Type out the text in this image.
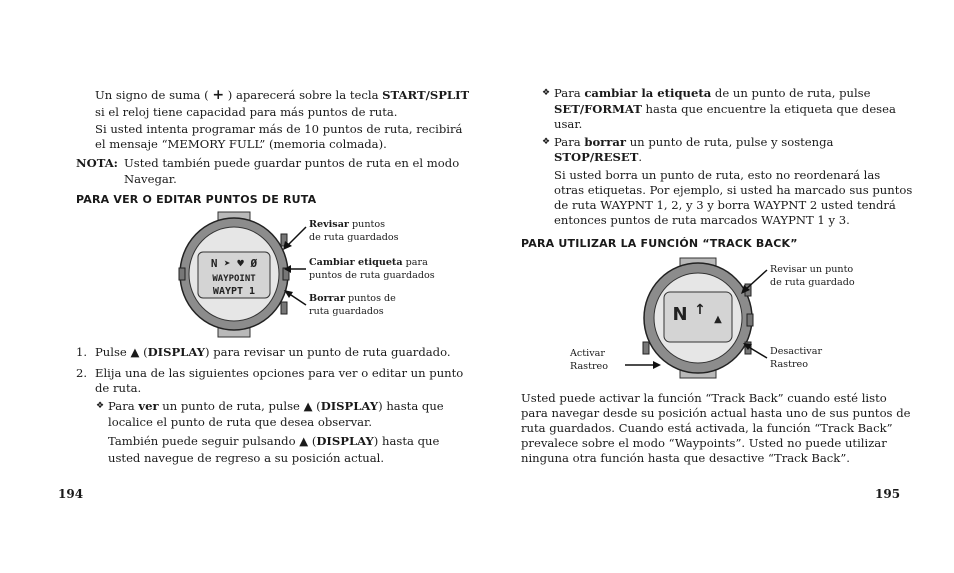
Un signo de suma ( + ) aparecerá sobre la tecla START/SPLIT
si el reloj tiene capacidad para más puntos de ruta.
Si usted intenta programar más de 10 puntos de ruta, recibirá
el mensaje “MEMORY FULL” (memoria colmada).
NOTA: Usted también puede guardar puntos de ruta en el modo
Navegar.
PARA VER O EDITAR PUNTOS DE RUTA
N ➤ ♥ Ø
WAYPOINT
WAYPT 1
Revisar puntos
de ruta guardados
Cambiar etiqueta para
puntos de ruta guardados
Borrar puntos de
ruta guardados
1. Pulse ▲ (DISPLAY) para revisar un punto de ruta guardado.
2. Elija una de las siguientes opciones para ver o editar un punto
de ruta.
❖ Para ver un punto de ruta, pulse ▲ (DISPLAY) hasta que
localice el punto de ruta que desea observar.
También puede seguir pulsando ▲ (DISPLAY) hasta que
usted navegue de regreso a su posición actual.
194
❖ Para cambiar la etiqueta de un punto de ruta, pulse
SET/FORMAT hasta que encuentre la etiqueta que desea
usar.
❖ Para borrar un punto de ruta, pulse y sostenga
STOP/RESET.
Si usted borra un punto de ruta, esto no reordenará las
otras etiquetas. Por ejemplo, si usted ha marcado sus puntos
de ruta WAYPNT 1, 2, y 3 y borra WAYPNT 2 usted tendrá
entonces puntos de ruta marcados WAYPNT 1 y 3.
PARA UTILIZAR LA FUNCIÓN “TRACK BACK”
N ↑
▲
Revisar un punto
de ruta guardado
Desactivar
Rastreo
Activar
Rastreo
Usted puede activar la función “Track Back” cuando esté listo
para navegar desde su posición actual hasta uno de sus puntos de
ruta guardados. Cuando está activada, la función “Track Back”
prevalece sobre el modo “Waypoints”. Usted no puede utilizar
ninguna otra función hasta que desactive “Track Back”.
195
